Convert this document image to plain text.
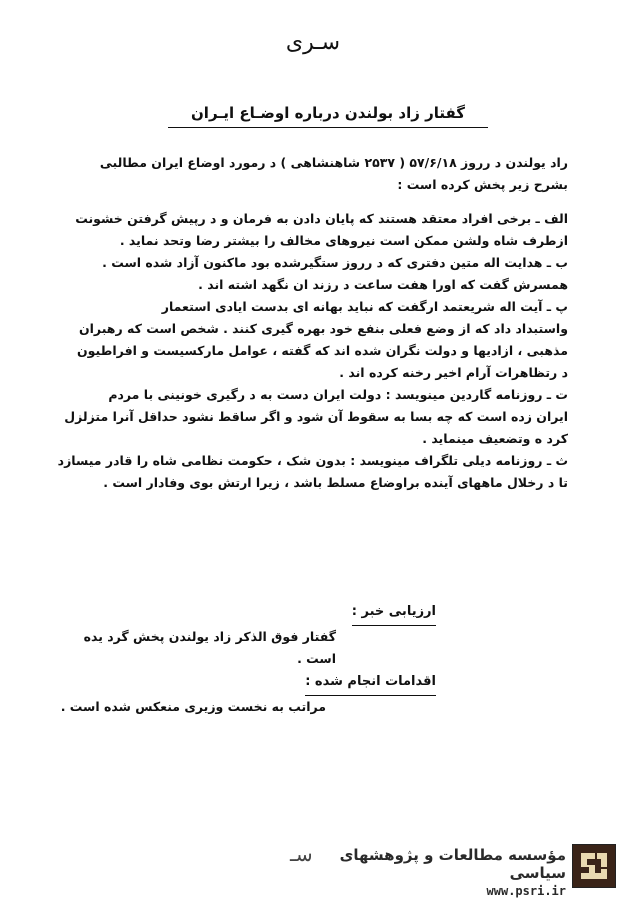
سـری
گفتار زاد بولندن درباره اوضـاع ایـران
راد یولندن د رروز ۵۷/۶/۱۸ ( ۲۵۳۷ شاهنشاهی ) د رمورد اوضاع ایران مطالبی
بشرح زیر پخش کرده است :
الف ـ برخی افراد معتقد هستند که پایان دادن به فرمان و د رپیش گرفتن خشونت
ازطرف شاه ولشن ممکن است نیروهای مخالف را بیشتر رضا وتحد نماید .
ب ـ هدایت اله متین دفتری که د رروز ستگیرشده بود ماکنون آزاد شده است .
همسرش گفت که اورا هفت ساعت د رزند ان نگهد اشته اند .
پ ـ آیت اله شریعتمد ارگفت که نباید بهانه ای بدست ایادی استعمار
واستبداد داد که از وضع فعلی بنفع خود بهره گیری کنند . شخص است که رهبران
مذهبی ، ازادیها و دولت نگران شده اند که گفته ، عوامل ماركسیست و افراطیون
د رتظاهرات آرام اخیر رخنه کرده اند .
ت ـ روزنامه گاردین مینویسد : دولت ایران دست به د رگیری خونینی با مردم
ایران زده است که چه بسا به سقوط آن شود و اگر ساقط نشود حداقل آنرا متزلزل
کرد ه وتضعیف مینماید .
ث ـ روزنامه دیلی تلگراف مینویسد : بدون شک ، حکومت نظامی شاه را قادر میسازد
تا د رخلال ماههای آینده براوضاع مسلط باشد ، زیرا ارتش بوی وفادار است .
ارزیابی خبر :
گفتار فوق الذکر زاد یولندن پخش گرد یده است .
اقدامات انجام شده :
مراتب به نخست وزیری منعکس شده است .
سـ	مؤسسه مطالعات و پژوهشهای سیاسی
www.psri.ir
